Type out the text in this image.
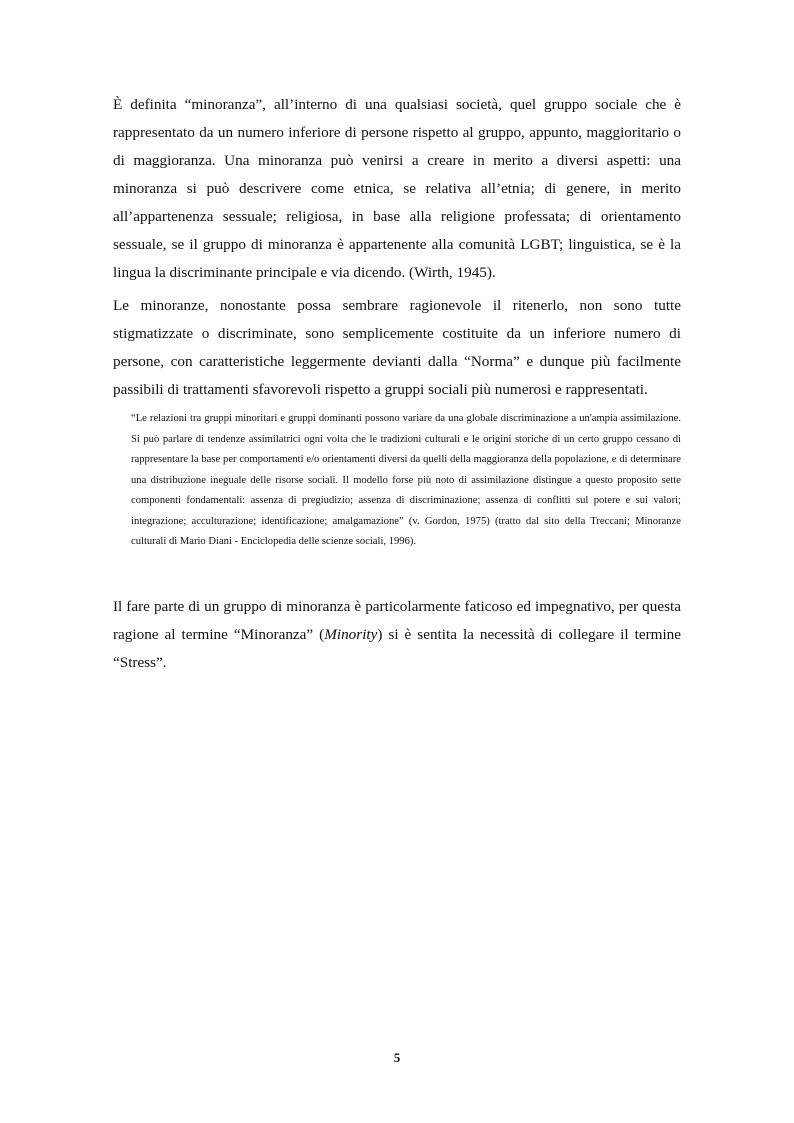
È definita “minoranza”, all’interno di una qualsiasi società, quel gruppo sociale che è rappresentato da un numero inferiore di persone rispetto al gruppo, appunto, maggioritario o di maggioranza. Una minoranza può venirsi a creare in merito a diversi aspetti: una minoranza si può descrivere come etnica, se relativa all’etnia; di genere, in merito all’appartenenza sessuale; religiosa, in base alla religione professata; di orientamento sessuale, se il gruppo di minoranza è appartenente alla comunità LGBT; linguistica, se è la lingua la discriminante principale e via dicendo. (Wirth, 1945).

Le minoranze, nonostante possa sembrare ragionevole il ritenerlo, non sono tutte stigmatizzate o discriminate, sono semplicemente costituite da un inferiore numero di persone, con caratteristiche leggermente devianti dalla “Norma” e dunque più facilmente passibili di trattamenti sfavorevoli rispetto a gruppi sociali più numerosi e rappresentati.

“Le relazioni tra gruppi minoritari e gruppi dominanti possono variare da una globale discriminazione a un'ampia assimilazione. Si può parlare di tendenze assimilatrici ogni volta che le tradizioni culturali e le origini storiche di un certo gruppo cessano di rappresentare la base per comportamenti e/o orientamenti diversi da quelli della maggioranza della popolazione, e di determinare una distribuzione ineguale delle risorse sociali. Il modello forse più noto di assimilazione distingue a questo proposito sette componenti fondamentali: assenza di pregiudizio; assenza di discriminazione; assenza di conflitti sul potere e sui valori; integrazione; acculturazione; identificazione; amalgamazione” (v. Gordon, 1975) (tratto dal sito della Treccani; Minoranze culturali di Mario Diani - Enciclopedia delle scienze sociali, 1996).

Il fare parte di un gruppo di minoranza è particolarmente faticoso ed impegnativo, per questa ragione al termine “Minoranza” (Minority) si è sentita la necessità di collegare il termine “Stress”.

5
